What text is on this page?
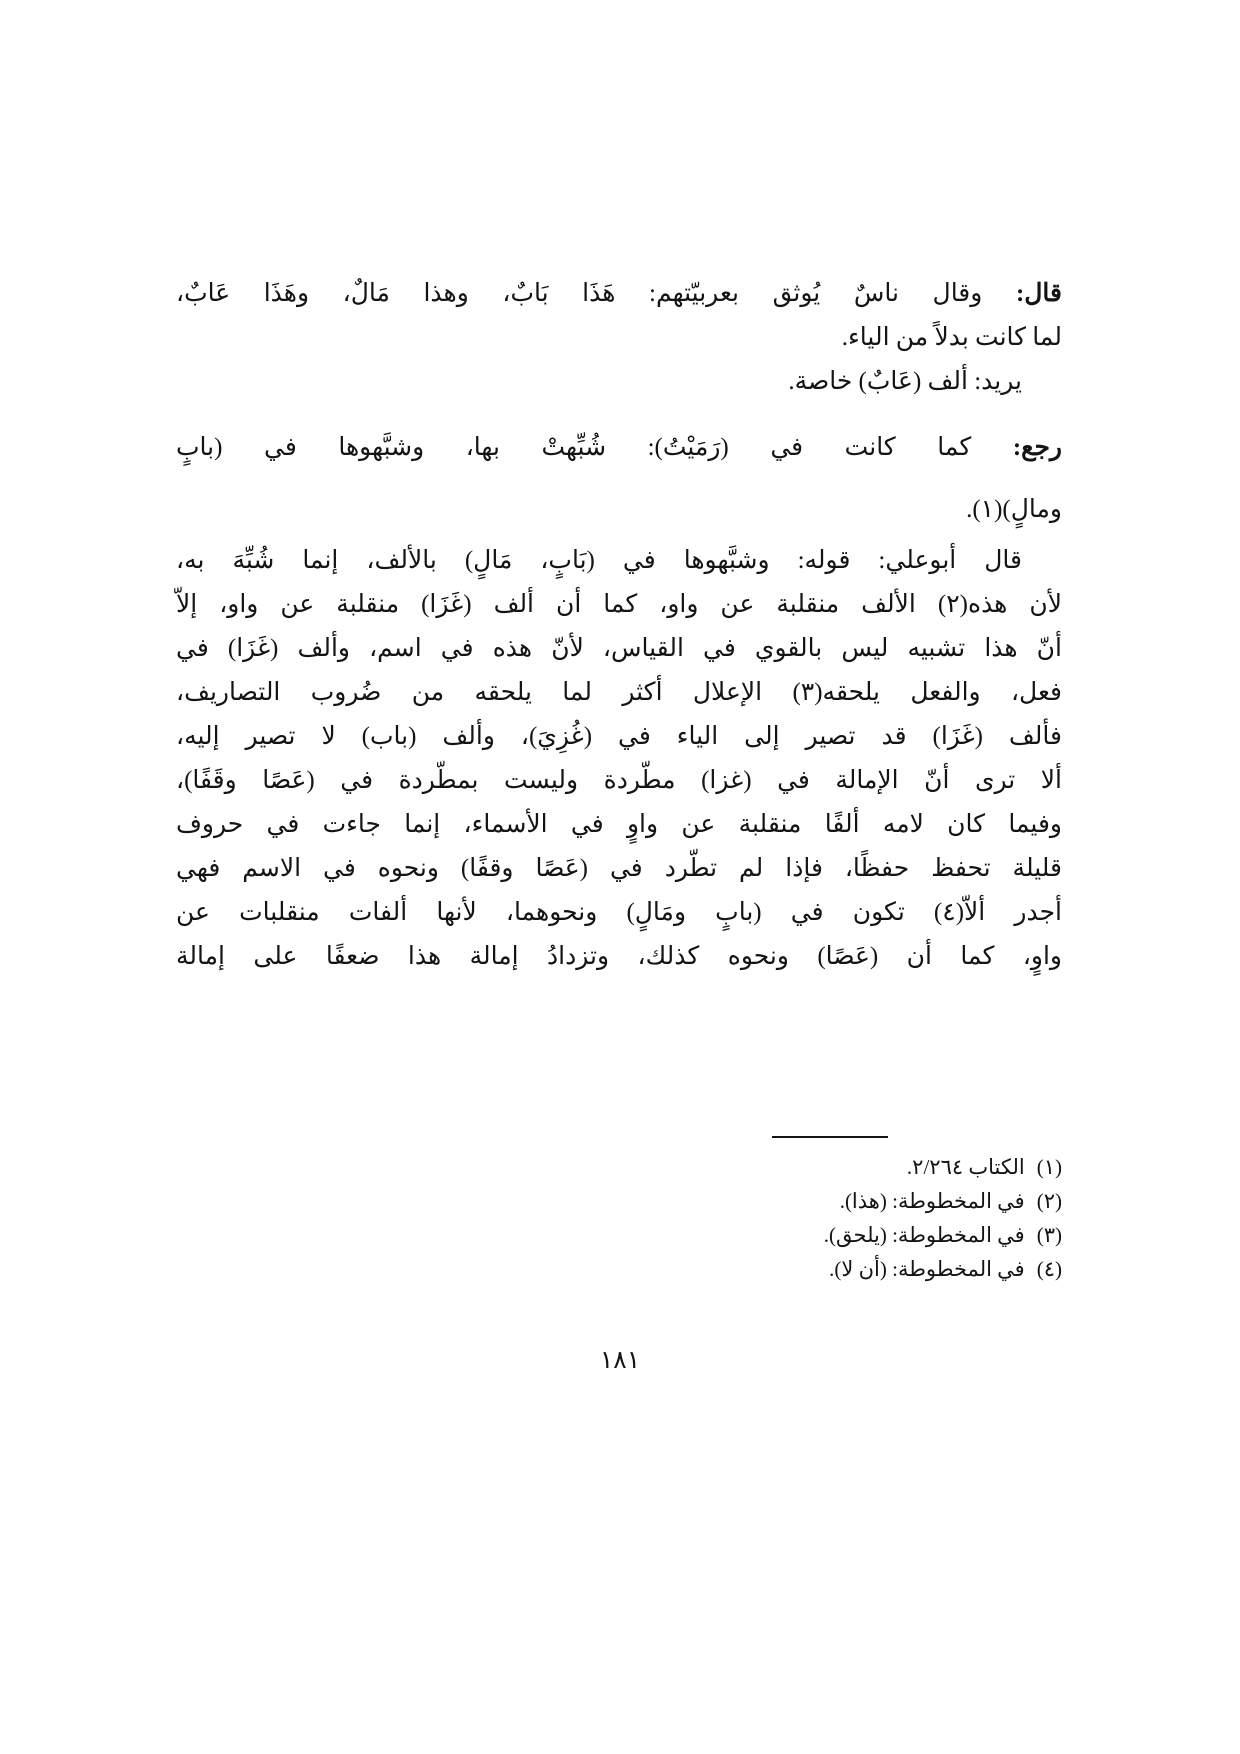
قال: وقال ناسٌ يُوثق بعربيّتهم: هَذَا بَابٌ، وهذا مَالٌ، وهَذَا عَابٌ،
لما كانت بدلاً من الياء.
يريد: ألف (عَابٌ) خاصة.
رجع: كما كانت في (رَمَيْتُ): شُبِّهتْ بها، وشبَّهوها في (بابٍ
ومالٍ)(١).
قال أبوعلي: قوله: وشبَّهوها في (بَابٍ، مَالٍ) بالألف، إنما شُبِّهَ به،
لأن هذه(٢) الألف منقلبة عن واو، كما أن ألف (غَزَا) منقلبة عن واو، إلاّ
أنّ هذا تشبيه ليس بالقوي في القياس، لأنّ هذه في اسم، وألف (غَزَا) في
فعل، والفعل يلحقه(٣) الإعلال أكثر لما يلحقه من ضُروب التصاريف،
فألف (غَزَا) قد تصير إلى الياء في (غُزِيَ)، وألف (باب) لا تصير إليه،
ألا ترى أنّ الإمالة في (غزا) مطّردة وليست بمطّردة في (عَصًا وقَفًا)،
وفيما كان لامه ألفًا منقلبة عن واوٍ في الأسماء، إنما جاءت في حروف
قليلة تحفظ حفظًا، فإذا لم تطّرد في (عَصًا وقفًا) ونحوه في الاسم فهي
أجدر ألاّ(٤) تكون في (بابٍ ومَالٍ) ونحوهما، لأنها ألفات منقلبات عن
واوٍ، كما أن (عَصًا) ونحوه كذلك، وتزدادُ إمالة هذا ضعفًا على إمالة
(١)الكتاب ٢/٢٦٤.
(٢)في المخطوطة: (هذا).
(٣)في المخطوطة: (يلحق).
(٤)في المخطوطة: (أن لا).
١٨١
